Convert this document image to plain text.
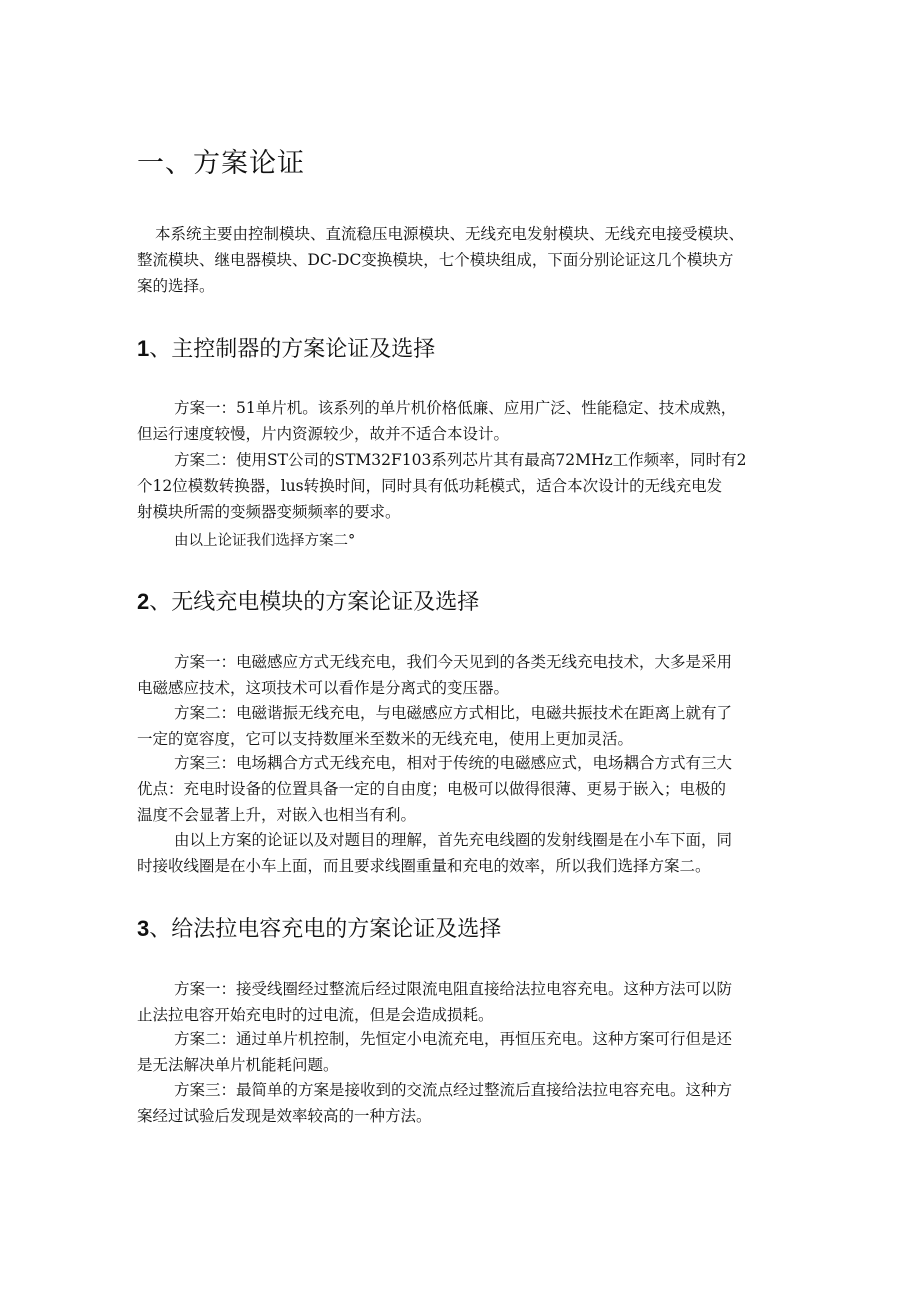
一、方案论证
本系统主要由控制模块、直流稳压电源模块、无线充电发射模块、无线充电接受模块、
整流模块、继电器模块、DC-DC变换模块，七个模块组成，下面分别论证这几个模块方
案的选择。
1、主控制器的方案论证及选择
方案一：51单片机。该系列的单片机价格低廉、应用广泛、性能稳定、技术成熟，
但运行速度较慢，片内资源较少，故并不适合本设计。
方案二：使用ST公司的STM32F103系列芯片其有最高72MHz工作频率，同时有2
个12位模数转换器，lus转换时间，同时具有低功耗模式，适合本次设计的无线充电发
射模块所需的变频器变频频率的要求。
由以上论证我们选择方案二°
2、无线充电模块的方案论证及选择
方案一：电磁感应方式无线充电，我们今天见到的各类无线充电技术，大多是采用
电磁感应技术，这项技术可以看作是分离式的变压器。
方案二：电磁谐振无线充电，与电磁感应方式相比，电磁共振技术在距离上就有了
一定的宽容度，它可以支持数厘米至数米的无线充电，使用上更加灵活。
方案三：电场耦合方式无线充电，相对于传统的电磁感应式，电场耦合方式有三大
优点：充电时设备的位置具备一定的自由度；电极可以做得很薄、更易于嵌入；电极的
温度不会显著上升，对嵌入也相当有利。
由以上方案的论证以及对题目的理解，首先充电线圈的发射线圈是在小车下面，同
时接收线圈是在小车上面，而且要求线圈重量和充电的效率，所以我们选择方案二。
3、给法拉电容充电的方案论证及选择
方案一：接受线圈经过整流后经过限流电阻直接给法拉电容充电。这种方法可以防
止法拉电容开始充电时的过电流，但是会造成损耗。
方案二：通过单片机控制，先恒定小电流充电，再恒压充电。这种方案可行但是还
是无法解决单片机能耗问题。
方案三：最简单的方案是接收到的交流点经过整流后直接给法拉电容充电。这种方
案经过试验后发现是效率较高的一种方法。
